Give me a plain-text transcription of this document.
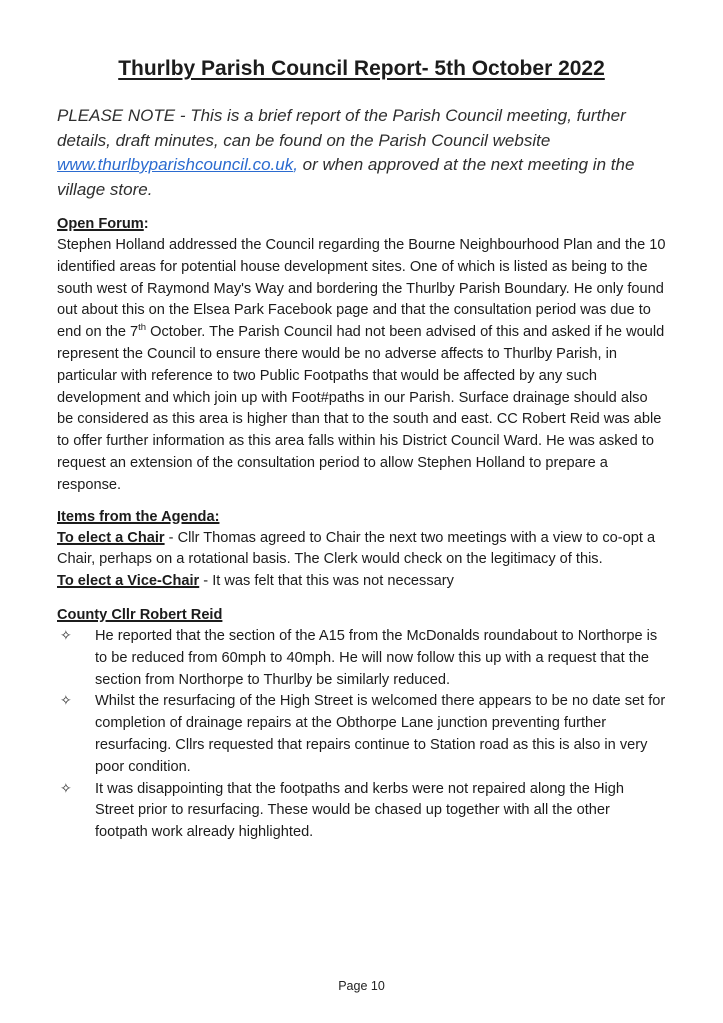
Thurlby Parish Council Report- 5th October 2022

PLEASE NOTE - This is a brief report of the Parish Council meeting, further details, draft minutes, can be found on the Parish Council website www.thurlbyparishcouncil.co.uk, or when approved at the next meeting in the village store.

Open Forum:

Stephen Holland addressed the Council regarding the Bourne Neighbourhood Plan and the 10 identified areas for potential house development sites. One of which is listed as being to the south west of Raymond May's Way and bordering the Thurlby Parish Boundary. He only found out about this on the Elsea Park Facebook page and that the consultation period was due to end on the 7th October. The Parish Council had not been advised of this and asked if he would represent the Council to ensure there would be no adverse affects to Thurlby Parish, in particular with reference to two Public Footpaths that would be affected by any such development and which join up with Foot#paths in our Parish. Surface drainage should also be considered as this area is higher than that to the south and east. CC Robert Reid was able to offer further information as this area falls within his District Council Ward. He was asked to request an extension of the consultation period to allow Stephen Holland to prepare a response.

Items from the Agenda:

To elect a Chair - Cllr Thomas agreed to Chair the next two meetings with a view to co-opt a Chair, perhaps on a rotational basis. The Clerk would check on the legitimacy of this.

To elect a Vice-Chair - It was felt that this was not necessary

County Cllr Robert Reid
✧	He reported that the section of the A15 from the McDonalds roundabout to Northorpe is to be reduced from 60mph to 40mph. He will now follow this up with a request that the section from Northorpe to Thurlby be similarly reduced.
✧	Whilst the resurfacing of the High Street is welcomed there appears to be no date set for completion of drainage repairs at the Obthorpe Lane junction preventing further resurfacing. Cllrs requested that repairs continue to Station road as this is also in very poor condition.
✧	It was disappointing that the footpaths and kerbs were not repaired along the High Street prior to resurfacing. These would be chased up together with all the other footpath work already highlighted.
Page 10
